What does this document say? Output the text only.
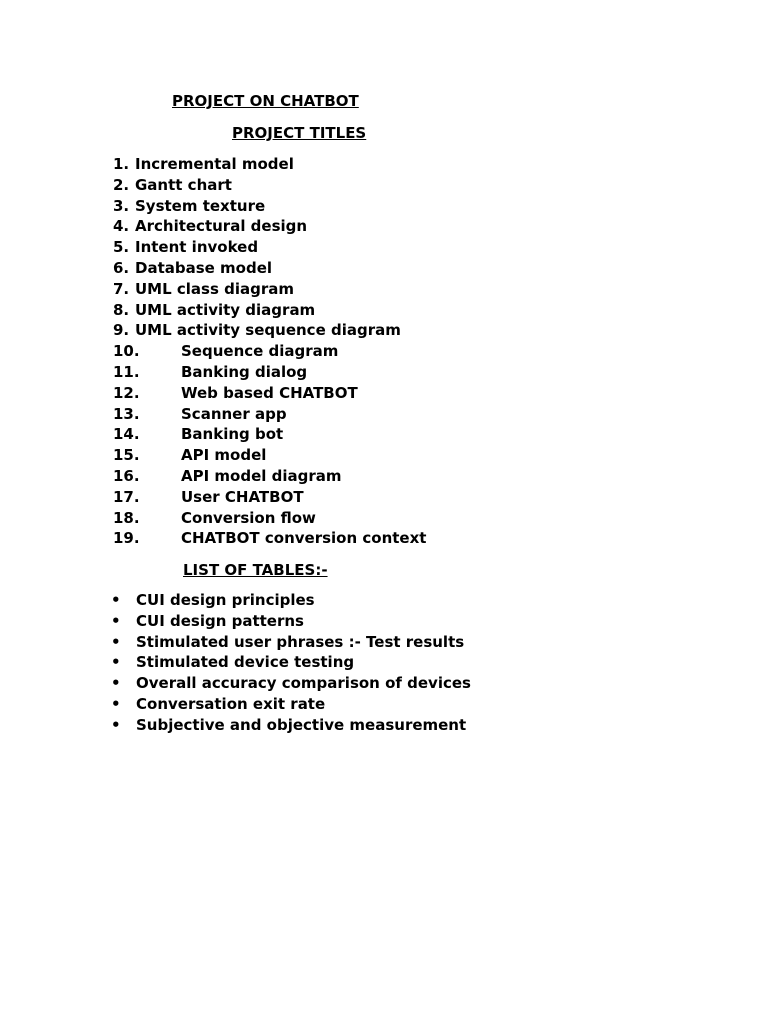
PROJECT ON CHATBOT
PROJECT TITLES
1. Incremental model
2. Gantt chart
3. System texture
4. Architectural design
5. Intent invoked
6. Database model
7. UML class diagram
8. UML activity diagram
9. UML activity sequence diagram
10.	Sequence diagram
11.	Banking dialog
12.	Web based CHATBOT
13.	Scanner app
14.	Banking bot
15.	API model
16.	API model diagram
17.	User CHATBOT
18.	Conversion flow
19.	CHATBOT conversion context
LIST OF TABLES:-
• CUI design principles
• CUI design patterns
• Stimulated user phrases :- Test results
• Stimulated device testing
• Overall accuracy comparison of devices
• Conversation exit rate
• Subjective and objective measurement
